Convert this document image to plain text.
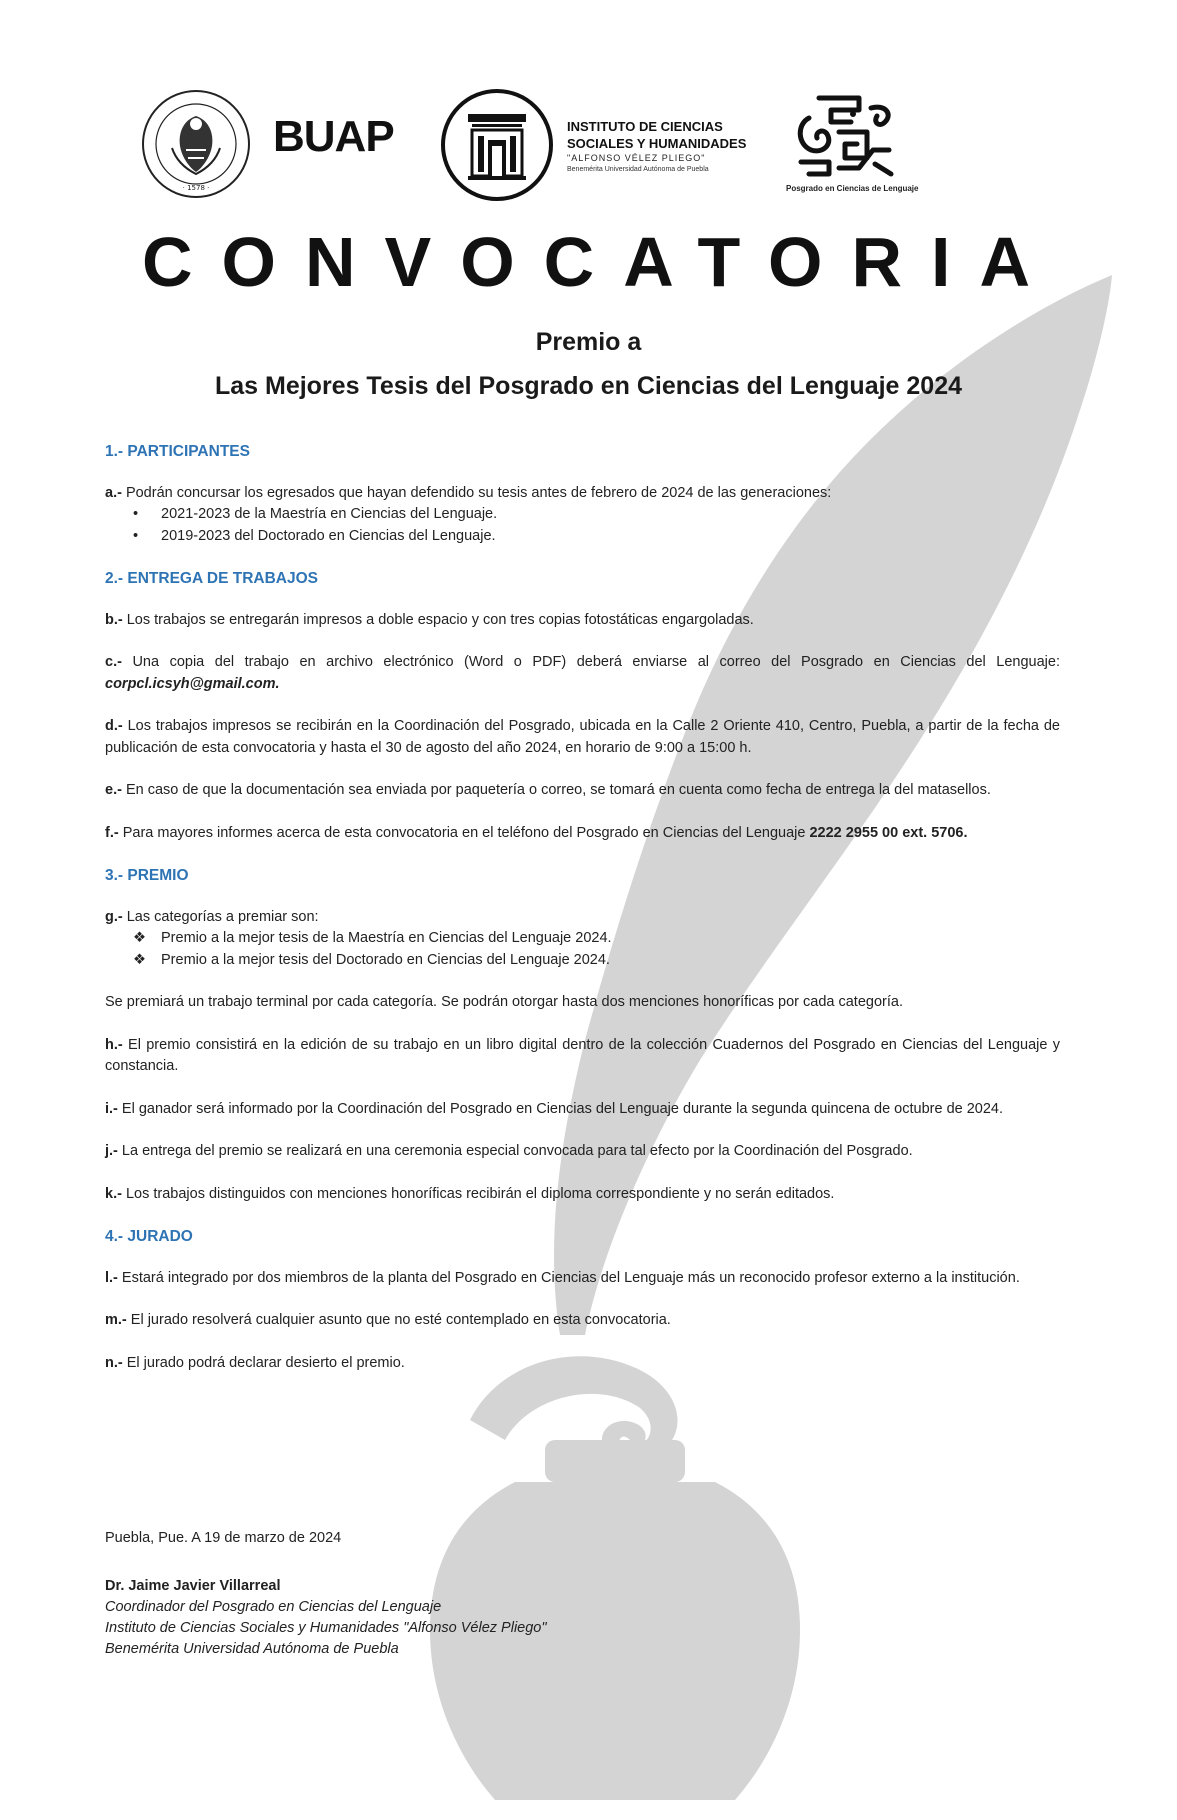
· 1578 ·
BUAP	INSTITUTO DE CIENCIAS
SOCIALES Y HUMANIDADES
"ALFONSO VÉLEZ PLIEGO"
Benemérita Universidad Autónoma de Puebla
Posgrado en Ciencias de Lenguaje
CONVOCATORIA
Premio a
Las Mejores Tesis del Posgrado en Ciencias del Lenguaje 2024
1.- PARTICIPANTES

a.- Podrán concursar los egresados que hayan defendido su tesis antes de febrero de 2024 de las generaciones:

• 2021-2023 de la Maestría en Ciencias del Lenguaje.
• 2019-2023 del Doctorado en Ciencias del Lenguaje.
2.- ENTREGA DE TRABAJOS

b.- Los trabajos se entregarán impresos a doble espacio y con tres copias fotostáticas engargoladas.

c.- Una copia del trabajo en archivo electrónico (Word o PDF) deberá enviarse al correo del Posgrado en Ciencias del Lenguaje: corpcl.icsyh@gmail.com.

d.- Los trabajos impresos se recibirán en la Coordinación del Posgrado, ubicada en la Calle 2 Oriente 410, Centro, Puebla, a partir de la fecha de publicación de esta convocatoria y hasta el 30 de agosto del año 2024, en horario de 9:00 a 15:00 h.

e.- En caso de que la documentación sea enviada por paquetería o correo, se tomará en cuenta como fecha de entrega la del matasellos.

f.- Para mayores informes acerca de esta convocatoria en el teléfono del Posgrado en Ciencias del Lenguaje 2222 2955 00 ext. 5706.

3.- PREMIO

g.- Las categorías a premiar son:

❖ Premio a la mejor tesis de la Maestría en Ciencias del Lenguaje 2024.
❖ Premio a la mejor tesis del Doctorado en Ciencias del Lenguaje 2024.

Se premiará un trabajo terminal por cada categoría. Se podrán otorgar hasta dos menciones honoríficas por cada categoría.

h.- El premio consistirá en la edición de su trabajo en un libro digital dentro de la colección Cuadernos del Posgrado en Ciencias del Lenguaje y constancia.

i.- El ganador será informado por la Coordinación del Posgrado en Ciencias del Lenguaje durante la segunda quincena de octubre de 2024.

j.- La entrega del premio se realizará en una ceremonia especial convocada para tal efecto por la Coordinación del Posgrado.

k.- Los trabajos distinguidos con menciones honoríficas recibirán el diploma correspondiente y no serán editados.

4.- JURADO

l.- Estará integrado por dos miembros de la planta del Posgrado en Ciencias del Lenguaje más un reconocido profesor externo a la institución.

m.- El jurado resolverá cualquier asunto que no esté contemplado en esta convocatoria.

n.- El jurado podrá declarar desierto el premio.

Puebla, Pue. A 19 de marzo de 2024
Dr. Jaime Javier Villarreal
Coordinador del Posgrado en Ciencias del Lenguaje
Instituto de Ciencias Sociales y Humanidades "Alfonso Vélez Pliego"
Benemérita Universidad Autónoma de Puebla
